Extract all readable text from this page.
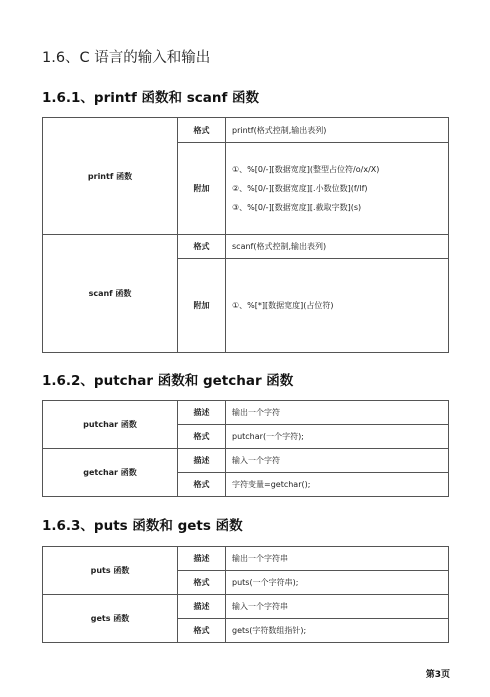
1.6、C 语言的输入和输出
1.6.1、printf 函数和 scanf 函数
printf 函数	格式	printf(格式控制,输出表列)
	附加	①、%[0/-][数据宽度](整型占位符/o/x/X)
②、%[0/-][数据宽度][.小数位数](f/lf)
③、%[0/-][数据宽度][.截取字数](s)

scanf 函数	格式	scanf(格式控制,输出表列)
	附加	①、%[*][数据宽度](占位符)
1.6.2、putchar 函数和 getchar 函数
putchar 函数	描述	输出一个字符
	格式	putchar(一个字符);
getchar 函数	描述	输入一个字符
	格式	字符变量=getchar();
1.6.3、puts 函数和 gets 函数
puts 函数	描述	输出一个字符串
	格式	puts(一个字符串);
gets 函数	描述	输入一个字符串
	格式	gets(字符数组指针);
第3页
